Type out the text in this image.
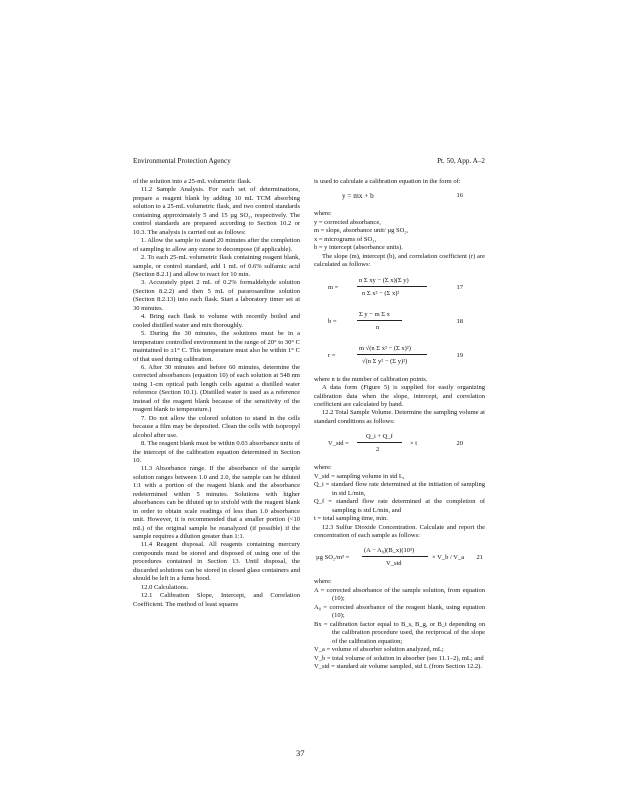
Environmental Protection Agency	Pt. 50, App. A–2

of the solution into a 25-mL volumetric flask.

11.2 Sample Analysis. For each set of determinations, prepare a reagent blank by adding 10 mL TCM absorbing solution to a 25-mL volumetric flask, and two control standards containing approximately 5 and 15 µg SO₂, respectively. The control standards are prepared according to Section 10.2 or 10.3. The analysis is carried out as follows:

1. Allow the sample to stand 20 minutes after the completion of sampling to allow any ozone to decompose (if applicable).

2. To each 25-mL volumetric flask containing reagent blank, sample, or control standard, add 1 mL of 0.6% sulfamic acid (Section 8.2.1) and allow to react for 10 min.

3. Accurately pipet 2 mL of 0.2% formaldehyde solution (Section 8.2.2) and then 5 mL of pararosaniline solution (Section 8.2.13) into each flask. Start a laboratory timer set at 30 minutes.

4. Bring each flask to volume with recently boiled and cooled distilled water and mix thoroughly.

5. During the 30 minutes, the solutions must be in a temperature controlled environment in the range of 20° to 30° C maintained to ±1° C. This temperature must also be within 1° C of that used during calibration.

6. After 30 minutes and before 60 minutes, determine the corrected absorbances (equation 10) of each solution at 548 nm using 1-cm optical path length cells against a distilled water reference (Section 10.1). (Distilled water is used as a reference instead of the reagent blank because of the sensitivity of the reagent blank to temperature.)

7. Do not allow the colored solution to stand in the cells because a film may be deposited. Clean the cells with isopropyl alcohol after use.

8. The reagent blank must be within 0.03 absorbance units of the intercept of the calibration equation determined in Section 10.

11.3 Absorbance range. If the absorbance of the sample solution ranges between 1.0 and 2.0, the sample can be diluted 1:1 with a portion of the reagent blank and the absorbance redetermined within 5 minutes. Solutions with higher absorbances can be diluted up to sixfold with the reagent blank in order to obtain scale readings of less than 1.0 absorbance unit. However, it is recommended that a smaller portion (<10 mL) of the original sample be reanalyzed (if possible) if the sample requires a dilution greater than 1:1.

11.4 Reagent disposal. All reagents containing mercury compounds must be stored and disposed of using one of the procedures contained in Section 13. Until disposal, the discarded solutions can be stored in closed glass containers and should be left in a fume hood.

12.0 Calculations.

12.1 Calibration Slope, Intercept, and Correlation Coefficient. The method of least squares

is used to calculate a calibration equation in the form of:

y = mx + b	16

where:

y = corrected absorbance,

m = slope, absorbance unit/ µg SO₂,

x = micrograms of SO₂,

b = y intercept (absorbance units).

The slope (m), intercept (b), and correlation coefficient (r) are calculated as follows:

m =
n Σ xy − (Σ x)(Σ y)
n Σ x² − (Σ x)²
17
b =
Σ y − m Σ x
n
18
r =
m √(n Σ x² − (Σ x)²)
√(n Σ y² − (Σ y)²)
19

where n is the number of calibration points.

A data form (Figure 5) is supplied for easily organizing calibration data when the slope, intercept, and correlation coefficient are calculated by hand.

12.2 Total Sample Volume. Determine the sampling volume at standard conditions as follows:

V_std =
Q_i + Q_f
2
× t	20

where:

V_std = sampling volume in std L,

Q_i = standard flow rate determined at the initiation of sampling in std L/min,

Q_f = standard flow rate determined at the completion of sampling is std L/min, and

t = total sampling time, min.

12.3 Sulfur Dioxide Concentration. Calculate and report the concentration of each sample as follows:

µg SO₂/m³ =
(A − A₀)(B_x)(10³)
V_std
× V_b / V_a 21

where:

A = corrected absorbance of the sample solution, from equation (10);

A₀ = corrected absorbance of the reagent blank, using equation (10);

Bx = calibration factor equal to B_s, B_g, or B_t depending on the calibration procedure used, the reciprocal of the slope of the calibration equation;

V_a = volume of absorber solution analyzed, mL;

V_b = total volume of solution in absorber (see 11.1–2), mL; and

V_std = standard air volume sampled, std L (from Section 12.2).

37
